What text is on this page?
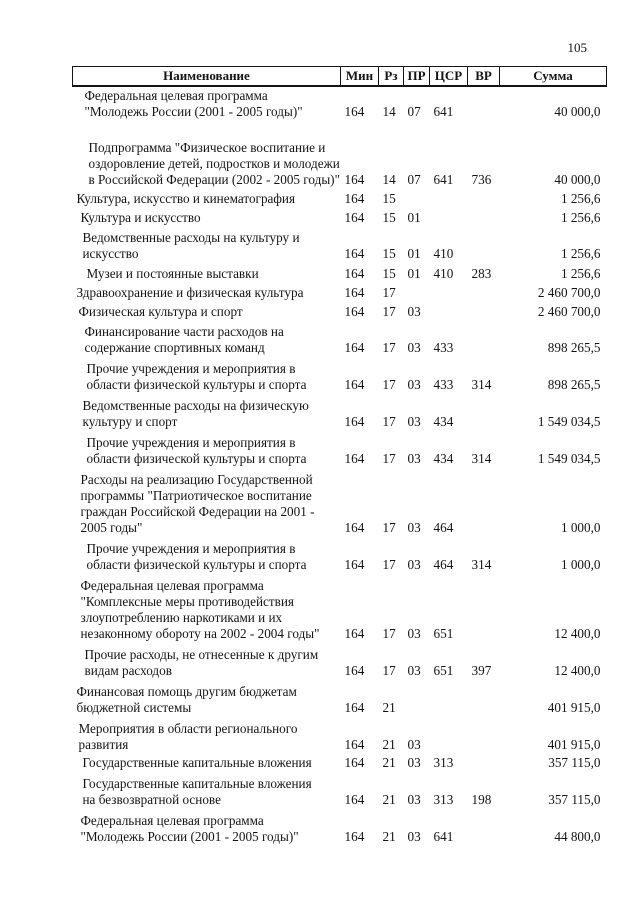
105
Наименование	Мин	Рз	ПР	ЦСР	ВР	Сумма

Федеральная целевая программа
"Молодежь России (2001 - 2005 годы)"	164	14	07	641		40 000,0

Подпрограмма "Физическое воспитание и
оздоровление детей, подростков и молодежи
в Российской Федерации (2002 - 2005 годы)"	164	14	07	641	736	40 000,0

Культура, искусство и кинематография	164	15				1 256,6

Культура и искусство	164	15	01			1 256,6

Ведомственные расходы на культуру и
искусство	164	15	01	410		1 256,6

Музеи и постоянные выставки	164	15	01	410	283	1 256,6

Здравоохранение и физическая культура	164	17				2 460 700,0

Физическая культура и спорт	164	17	03			2 460 700,0

Финансирование части расходов на
содержание спортивных команд	164	17	03	433		898 265,5

Прочие учреждения и мероприятия в
области физической культуры и спорта	164	17	03	433	314	898 265,5

Ведомственные расходы на физическую
культуру и спорт	164	17	03	434		1 549 034,5

Прочие учреждения и мероприятия в
области физической культуры и спорта	164	17	03	434	314	1 549 034,5

Расходы на реализацию Государственной
программы "Патриотическое воспитание
граждан Российской Федерации на 2001 -
2005 годы"	164	17	03	464		1 000,0

Прочие учреждения и мероприятия в
области физической культуры и спорта	164	17	03	464	314	1 000,0

Федеральная целевая программа
"Комплексные меры противодействия
злоупотреблению наркотиками и их
незаконному обороту на 2002 - 2004 годы"	164	17	03	651		12 400,0

Прочие расходы, не отнесенные к другим
видам расходов	164	17	03	651	397	12 400,0

Финансовая помощь другим бюджетам
бюджетной системы	164	21				401 915,0

Мероприятия в области регионального
развития	164	21	03			401 915,0

Государственные капитальные вложения	164	21	03	313		357 115,0

Государственные капитальные вложения
на безвозвратной основе	164	21	03	313	198	357 115,0

Федеральная целевая программа
"Молодежь России (2001 - 2005 годы)"	164	21	03	641		44 800,0
